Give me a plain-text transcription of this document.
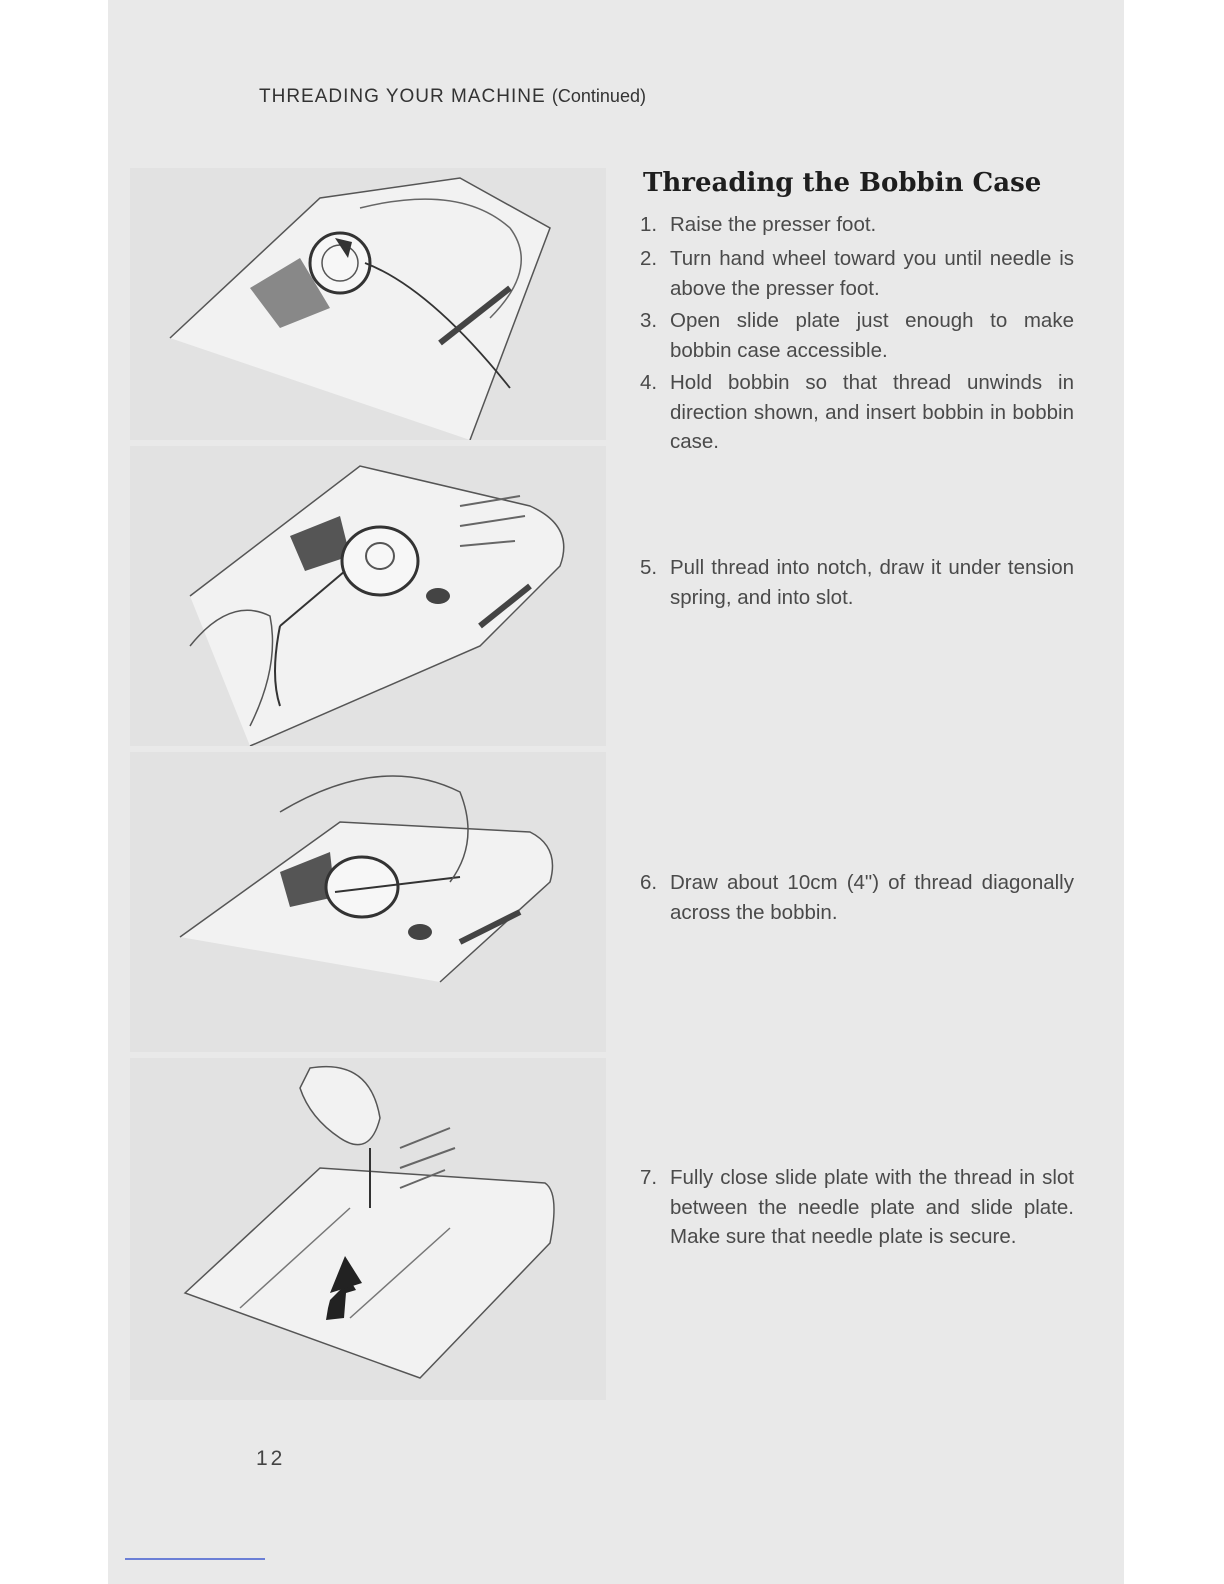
THREADING YOUR MACHINE (Continued)
Threading the Bobbin Case
1. Raise the presser foot.
2. Turn hand wheel toward you until needle is above the presser foot.
3. Open slide plate just enough to make bobbin case accessible.
4. Hold bobbin so that thread unwinds in direction shown, and insert bobbin in bobbin case.
5. Pull thread into notch, draw it under tension spring, and into slot.
6. Draw about 10cm (4") of thread diagonally across the bobbin.
7. Fully close slide plate with the thread in slot between the needle plate and slide plate. Make sure that needle plate is secure.
12
